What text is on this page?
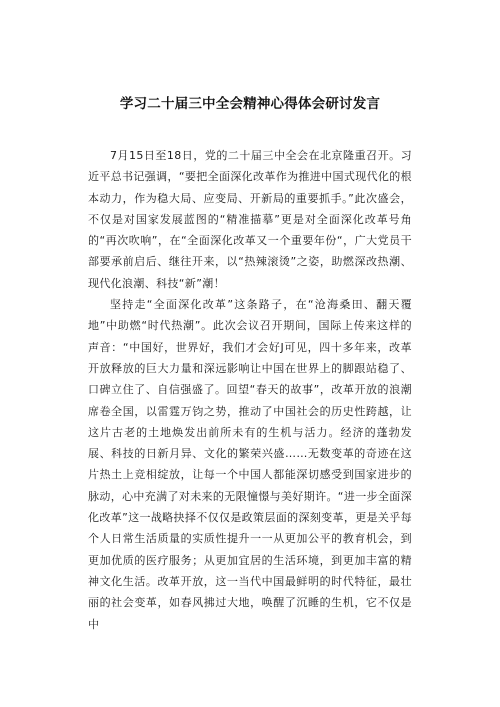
学习二十届三中全会精神心得体会研讨发言

7月15日至18日，党的二十届三中全会在北京隆重召开。习近平总书记强调，“要把全面深化改革作为推进中国式现代化的根本动力，作为稳大局、应变局、开新局的重要抓手。”此次盛会，不仅是对国家发展蓝图的“精准描摹”更是对全面深化改革号角的“再次吹响”，在“全面深化改革又一个重要年份“，广大党员干部要承前启后、继往开来，以“热辣滚烫”之姿，助燃深改热潮、现代化浪潮、科技“新”潮！

坚持走“全面深化改革”这条路子，在“沧海桑田、翻天覆地”中助燃“时代热潮”。此次会议召开期间，国际上传来这样的声音：“中国好，世界好，我们才会好J可见，四十多年来，改革开放释放的巨大力量和深远影响让中国在世界上的脚跟站稳了、口碑立住了、自信强盛了。回望“春天的故事”，改革开放的浪潮席卷全国，以雷霆万钧之势，推动了中国社会的历史性跨越，让这片古老的土地焕发出前所未有的生机与活力。经济的蓬勃发展、科技的日新月异、文化的繁荣兴盛……无数变革的奇迹在这片热土上竞相绽放，让每一个中国人都能深切感受到国家进步的脉动，心中充满了对未来的无限憧憬与美好期许。“进一步全面深化改革”这一战略抉择不仅仅是政策层面的深刻变革，更是关乎每个人日常生活质量的实质性提升一一从更加公平的教育机会，到更加优质的医疗服务；从更加宜居的生活环境，到更加丰富的精神文化生活。改革开放，这一当代中国最鲜明的时代特征，最壮丽的社会变革，如春风拂过大地，唤醒了沉睡的生机，它不仅是中
